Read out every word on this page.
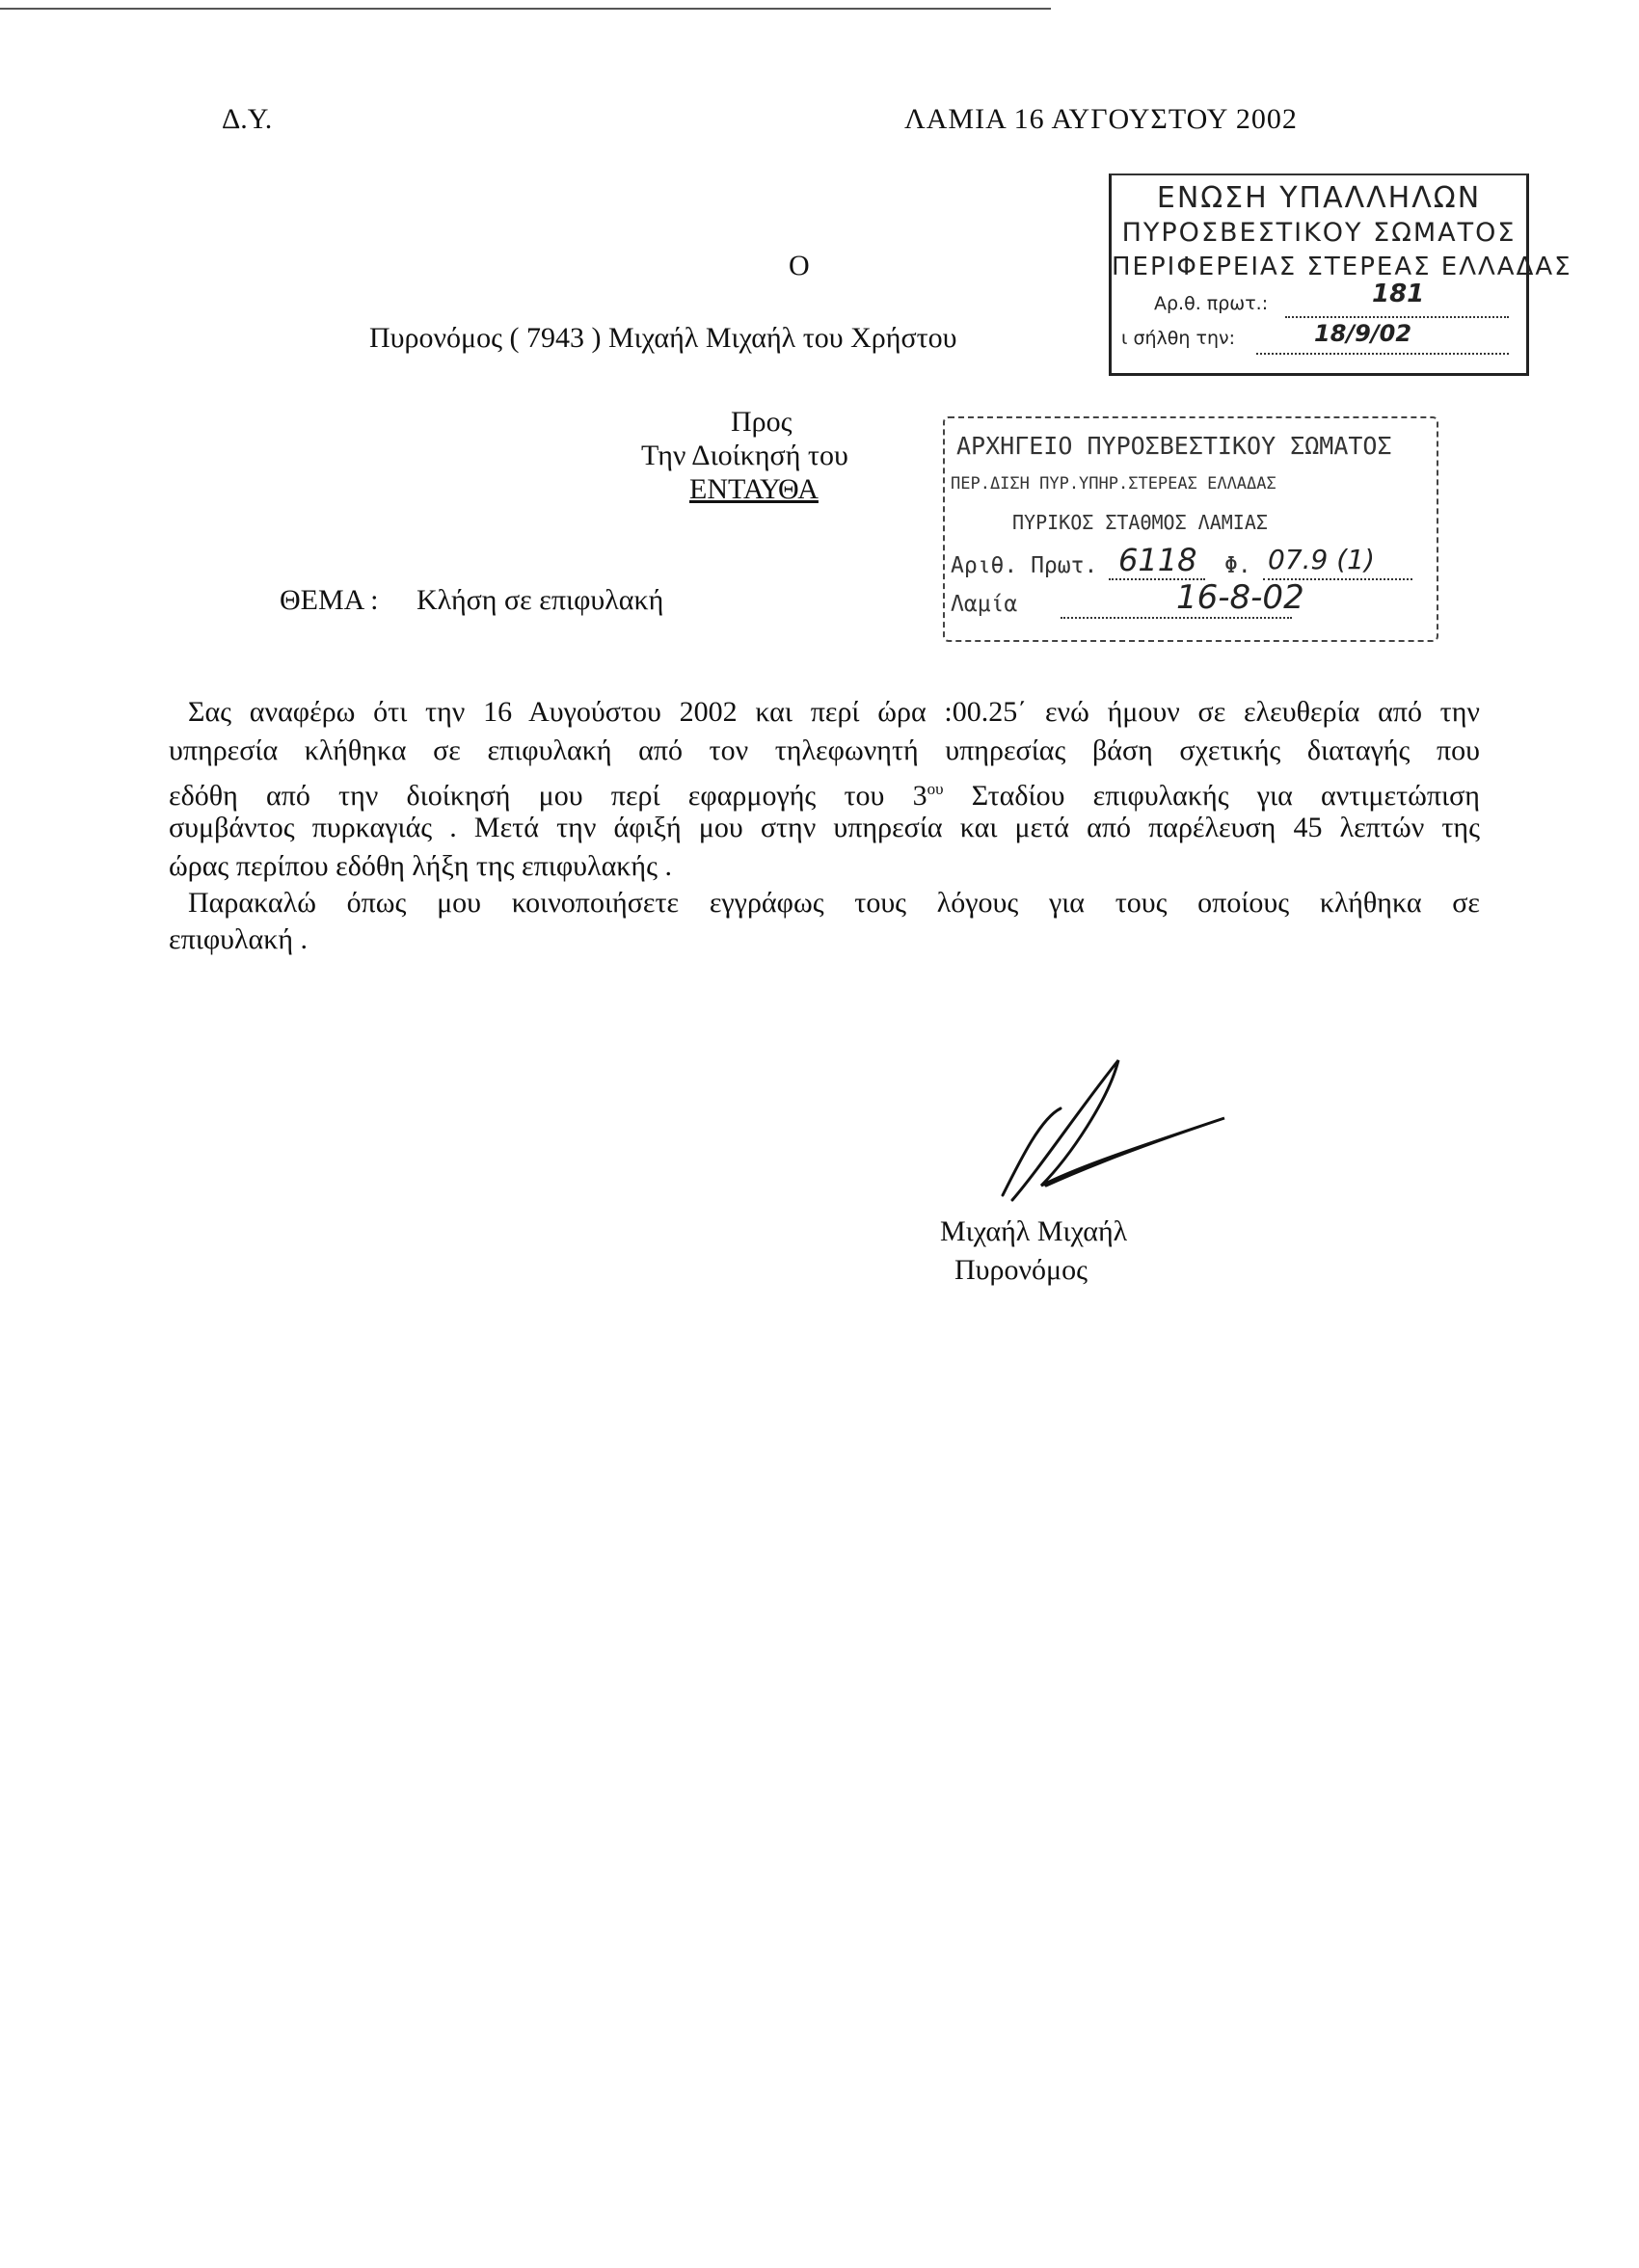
Δ.Υ.	ΛΑΜΙΑ 16 ΑΥΓΟΥΣΤΟΥ 2002
ΕΝΩΣΗ ΥΠΑΛΛΗΛΩΝ
ΠΥΡΟΣΒΕΣΤΙΚΟΥ ΣΩΜΑΤΟΣ
ΠΕΡΙΦΕΡΕΙΑΣ ΣΤΕΡΕΑΣ ΕΛΛΑΔΑΣ
Αρ.θ. πρωτ.:	181
ι σήλθη την:	18/9/02
Ο
Πυρονόμος ( 7943 ) Μιχαήλ Μιχαήλ του Χρήστου
Προς
Την Διοίκησή του
ΕΝΤΑΥΘΑ
ΑΡΧΗΓΕΙΟ ΠΥΡΟΣΒΕΣΤΙΚΟΥ ΣΩΜΑΤΟΣ
ΠΕΡ.ΔΙΣΗ ΠΥΡ.ΥΠΗΡ.ΣΤΕΡΕΑΣ ΕΛΛΑΔΑΣ
ΠΥΡΙΚΟΣ ΣΤΑΘΜΟΣ ΛΑΜΙΑΣ
Αριθ. Πρωτ. 6118 Φ. 07.9 (1)
Λαμία	16-8-02
ΘΕΜΑ : Κλήση σε επιφυλακή
Σας αναφέρω ότι την 16 Αυγούστου 2002 και περί ώρα :00.25΄ ενώ ήμουν σε ελευθερία από την
υπηρεσία κλήθηκα σε επιφυλακή από τον τηλεφωνητή υπηρεσίας βάση σχετικής διαταγής που
εδόθη από την διοίκησή μου περί εφαρμογής του $3^{o\upsilon}$ Σταδίου επιφυλακής για αντιμετώπιση
συμβάντος πυρκαγιάς . Μετά την άφιξή μου στην υπηρεσία και μετά από παρέλευση 45 λεπτών της
ώρας περίπου εδόθη λήξη της επιφυλακής .
Παρακαλώ όπως μου κοινοποιήσετε εγγράφως τους λόγους για τους οποίους κλήθηκα σε
επιφυλακή .
Μιχαήλ Μιχαήλ
Πυρονόμος
